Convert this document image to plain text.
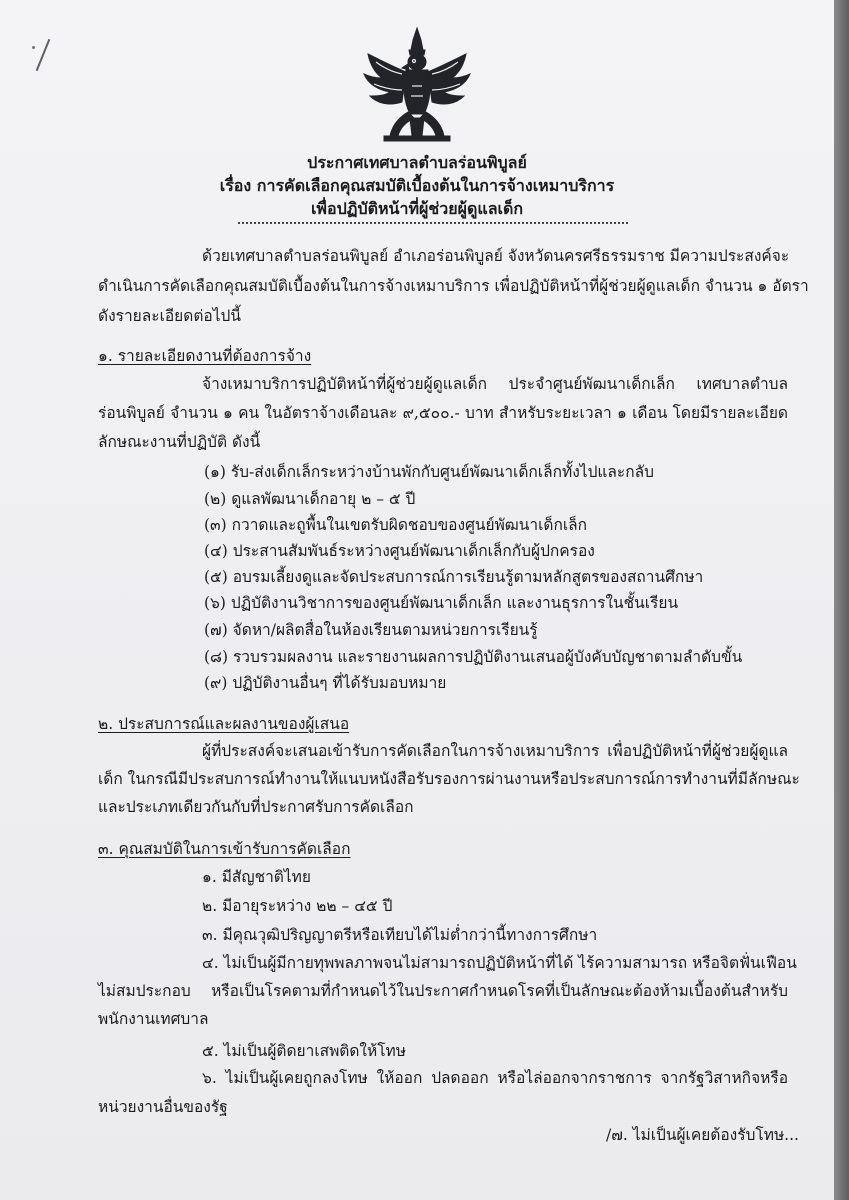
ประกาศเทศบาลตำบลร่อนพิบูลย์
เรื่อง การคัดเลือกคุณสมบัติเบื้องต้นในการจ้างเหมาบริการ
เพื่อปฏิบัติหน้าที่ผู้ช่วยผู้ดูแลเด็ก
ด้วยเทศบาลตำบลร่อนพิบูลย์ อำเภอร่อนพิบูลย์ จังหวัดนครศรีธรรมราช มีความประสงค์จะ
ดำเนินการคัดเลือกคุณสมบัติเบื้องต้นในการจ้างเหมาบริการ เพื่อปฏิบัติหน้าที่ผู้ช่วยผู้ดูแลเด็ก จำนวน ๑ อัตรา
ดังรายละเอียดต่อไปนี้
๑. รายละเอียดงานที่ต้องการจ้าง
จ้างเหมาบริการปฏิบัติหน้าที่ผู้ช่วยผู้ดูแลเด็ก ประจำศูนย์พัฒนาเด็กเล็ก เทศบาลตำบล
ร่อนพิบูลย์ จำนวน ๑ คน ในอัตราจ้างเดือนละ ๙,๕๐๐.- บาท สำหรับระยะเวลา ๑ เดือน โดยมีรายละเอียด
ลักษณะงานที่ปฏิบัติ ดังนี้
(๑) รับ-ส่งเด็กเล็กระหว่างบ้านพักกับศูนย์พัฒนาเด็กเล็กทั้งไปและกลับ
(๒) ดูแลพัฒนาเด็กอายุ ๒ – ๕ ปี
(๓) กวาดและถูพื้นในเขตรับผิดชอบของศูนย์พัฒนาเด็กเล็ก
(๔) ประสานสัมพันธ์ระหว่างศูนย์พัฒนาเด็กเล็กกับผู้ปกครอง
(๕) อบรมเลี้ยงดูและจัดประสบการณ์การเรียนรู้ตามหลักสูตรของสถานศึกษา
(๖) ปฏิบัติงานวิชาการของศูนย์พัฒนาเด็กเล็ก และงานธุรการในชั้นเรียน
(๗) จัดหา/ผลิตสื่อในห้องเรียนตามหน่วยการเรียนรู้
(๘) รวบรวมผลงาน และรายงานผลการปฏิบัติงานเสนอผู้บังคับบัญชาตามลำดับขั้น
(๙) ปฏิบัติงานอื่นๆ ที่ได้รับมอบหมาย
๒. ประสบการณ์และผลงานของผู้เสนอ
ผู้ที่ประสงค์จะเสนอเข้ารับการคัดเลือกในการจ้างเหมาบริการ เพื่อปฏิบัติหน้าที่ผู้ช่วยผู้ดูแล
เด็ก ในกรณีมีประสบการณ์ทำงานให้แนบหนังสือรับรองการผ่านงานหรือประสบการณ์การทำงานที่มีลักษณะ
และประเภทเดียวกันกับที่ประกาศรับการคัดเลือก
๓. คุณสมบัติในการเข้ารับการคัดเลือก
๑. มีสัญชาติไทย
๒. มีอายุระหว่าง ๒๒ – ๔๕ ปี
๓. มีคุณวุฒิปริญญาตรีหรือเทียบได้ไม่ต่ำกว่านี้ทางการศึกษา
๔. ไม่เป็นผู้มีกายทุพพลภาพจนไม่สามารถปฏิบัติหน้าที่ได้ ไร้ความสามารถ หรือจิตฟั่นเฟือน
ไม่สมประกอบ หรือเป็นโรคตามที่กำหนดไว้ในประกาศกำหนดโรคที่เป็นลักษณะต้องห้ามเบื้องต้นสำหรับ
พนักงานเทศบาล
๕. ไม่เป็นผู้ติดยาเสพติดให้โทษ
๖. ไม่เป็นผู้เคยถูกลงโทษ ให้ออก ปลดออก หรือไล่ออกจากราชการ จากรัฐวิสาหกิจหรือ
หน่วยงานอื่นของรัฐ
/๗. ไม่เป็นผู้เคยต้องรับโทษ...
